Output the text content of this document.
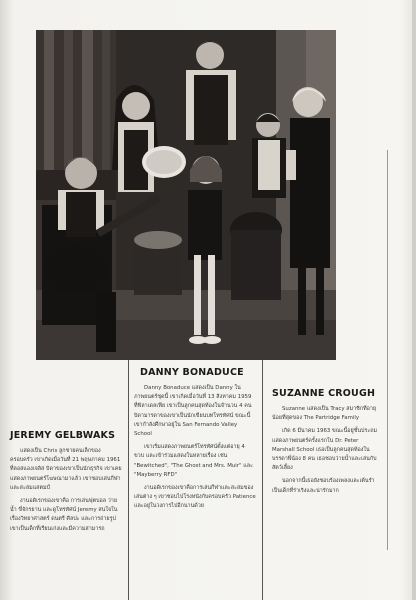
DANNY BONADUCE

Danny Bonaduce แสดงเป็น Danny ในภาพยนตร์ชุดนี้ เขาเกิดเมื่อวันที่ 13 สิงหาคม 1959 ที่ฟิลาเดลเฟีย เขาเป็นลูกคนสุดท้องในจำนวน 4 คน บิดามารดาของเขาเป็นนักเขียนบทโทรทัศน์ ขณะนี้เขากำลังศึกษาอยู่ใน San Fernando Valley School

เขาเริ่มแสดงภาพยนตร์โทรทัศน์ตั้งแต่อายุ 4 ขวบ และเข้าร่วมแสดงในหลายเรื่อง เช่น "Bewitched", "The Ghost and Mrs. Muir" และ "Mayberry RFD"

งานอดิเรกของเขาคือการเล่นกีฬาและสะสมของเล่นต่าง ๆ เขาชอบไปโรงหนังกับครอบครัว Patience และอยู่ในวงการไปอีกนานด้วย

JEREMY GELBWAKS

แสดงเป็น Chris ลูกชายคนเล็กของครอบครัว เขาเกิดเมื่อวันที่ 21 พฤษภาคม 1961 ที่ลอสแองเจลิส บิดาของเขาเป็นนักธุรกิจ เขาเคยแสดงภาพยนตร์โฆษณามาแล้ว เขาชอบเล่นกีฬาและสะสมแสตมป์

งานอดิเรกของเขาคือ การเล่นฟุตบอล ว่ายน้ำ ขี่จักรยาน และดูโทรทัศน์ Jeremy สนใจในเรื่องวิทยาศาสตร์ ดนตรี ศิลปะ และการถ่ายรูป เขาเป็นเด็กที่เรียนเก่งและมีความสามารถ

SUZANNE CROUGH

Suzanne แสดงเป็น Tracy สมาชิกที่อายุน้อยที่สุดของ The Partridge Family

เกิด 6 มีนาคม 1963 ขณะนี้อยู่ชั้นประถม แสดงภาพยนตร์ครั้งแรกใน Dr. Peter Marshall School เธอเป็นลูกคนสุดท้องในบรรดาพี่น้อง 8 คน เธอชอบว่ายน้ำและเล่นกับสัตว์เลี้ยง

นอกจากนี้เธอยังชอบร้องเพลงและเต้นรำ เป็นเด็กที่ร่าเริงและน่ารักมาก
